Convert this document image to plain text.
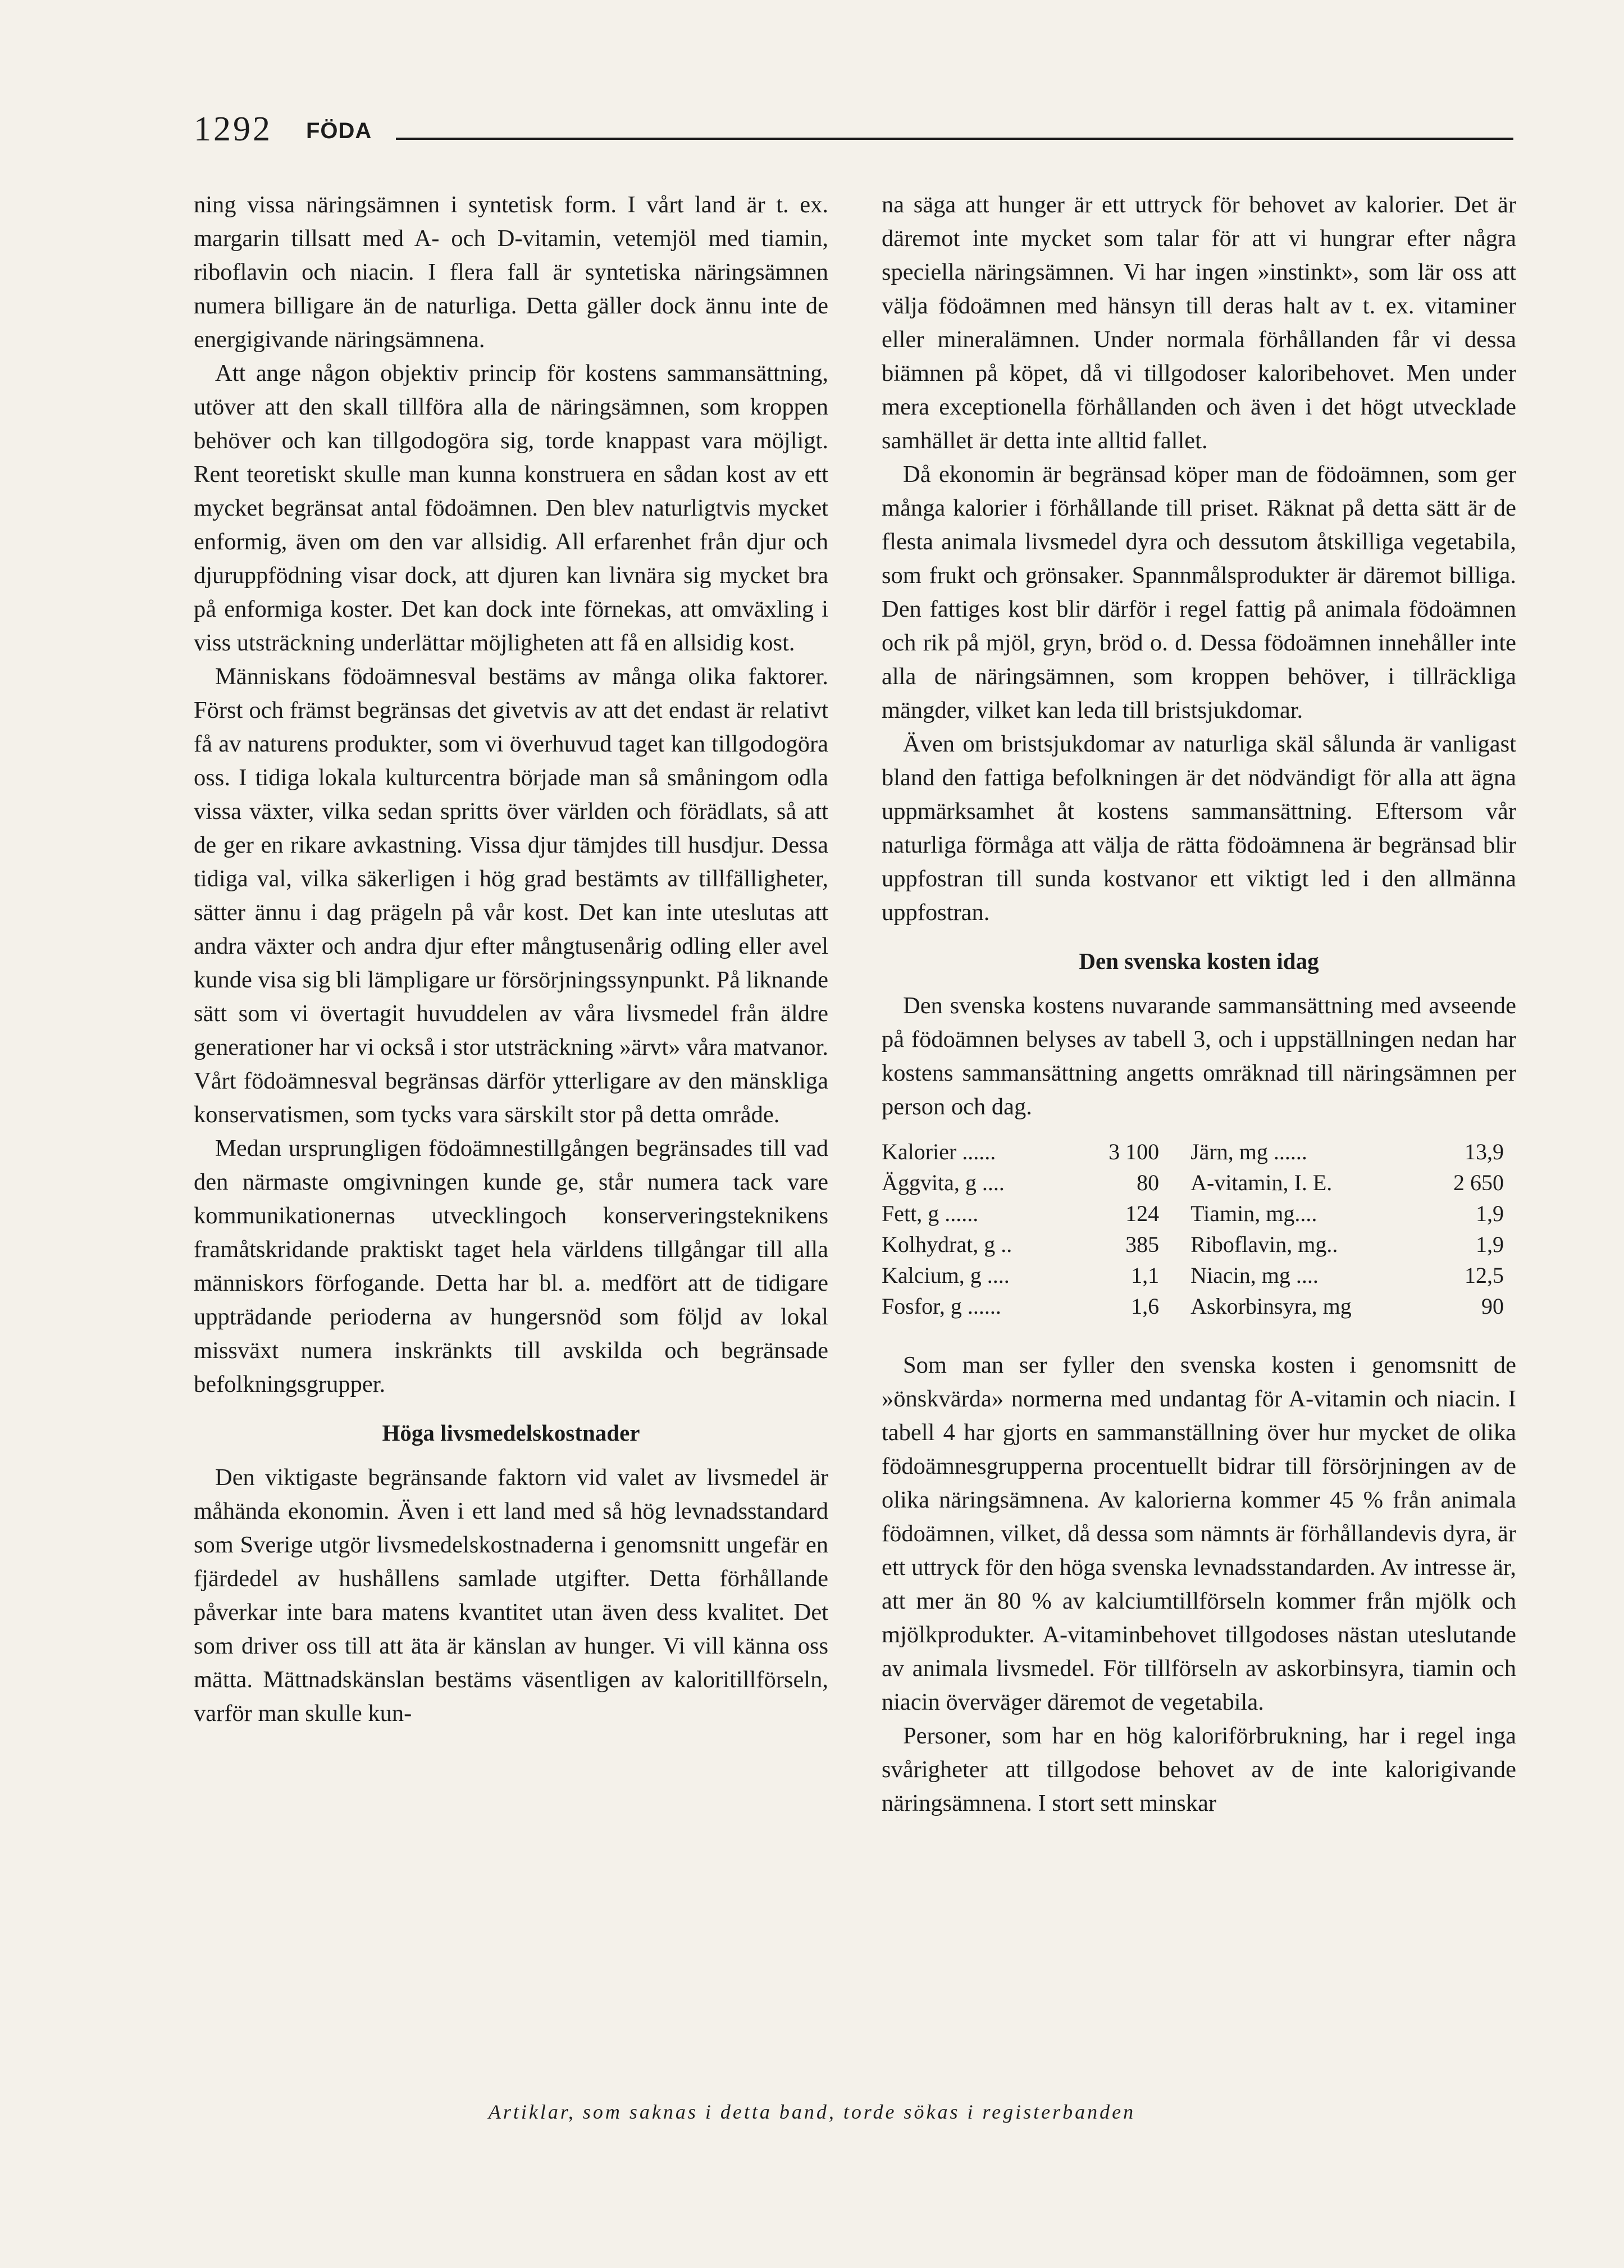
1292 FÖDA

ning vissa näringsämnen i syntetisk form. I vårt land är t. ex. margarin tillsatt med A- och D-vitamin, vetemjöl med tiamin, riboflavin och niacin. I flera fall är syntetiska näringsämnen numera billigare än de naturliga. Detta gäller dock ännu inte de energigivande näringsämnena.

Att ange någon objektiv princip för kostens sammansättning, utöver att den skall tillföra alla de näringsämnen, som kroppen behöver och kan tillgodogöra sig, torde knappast vara möjligt. Rent teoretiskt skulle man kunna konstruera en sådan kost av ett mycket begränsat antal födoämnen. Den blev naturligtvis mycket enformig, även om den var allsidig. All erfarenhet från djur och djuruppfödning visar dock, att djuren kan livnära sig mycket bra på enformiga koster. Det kan dock inte förnekas, att omväxling i viss utsträckning underlättar möjligheten att få en allsidig kost.

Människans födoämnesval bestäms av många olika faktorer. Först och främst begränsas det givetvis av att det endast är relativt få av naturens produkter, som vi överhuvud taget kan tillgodogöra oss. I tidiga lokala kulturcentra började man så småningom odla vissa växter, vilka sedan spritts över världen och förädlats, så att de ger en rikare avkastning. Vissa djur tämjdes till husdjur. Dessa tidiga val, vilka säkerligen i hög grad bestämts av tillfälligheter, sätter ännu i dag prägeln på vår kost. Det kan inte uteslutas att andra växter och andra djur efter mångtusenårig odling eller avel kunde visa sig bli lämpligare ur försörjningssynpunkt. På liknande sätt som vi övertagit huvuddelen av våra livsmedel från äldre generationer har vi också i stor utsträckning »ärvt» våra matvanor. Vårt födoämnesval begränsas därför ytterligare av den mänskliga konservatismen, som tycks vara särskilt stor på detta område.

Medan ursprungligen födoämnestillgången begränsades till vad den närmaste omgivningen kunde ge, står numera tack vare kommunikationernas utvecklingoch konserveringsteknikens framåtskridande praktiskt taget hela världens tillgångar till alla människors förfogande. Detta har bl. a. medfört att de tidigare uppträdande perioderna av hungersnöd som följd av lokal missväxt numera inskränkts till avskilda och begränsade befolkningsgrupper.

Höga livsmedelskostnader

Den viktigaste begränsande faktorn vid valet av livsmedel är måhända ekonomin. Även i ett land med så hög levnadsstandard som Sverige utgör livsmedelskostnaderna i genomsnitt ungefär en fjärdedel av hushållens samlade utgifter. Detta förhållande påverkar inte bara matens kvantitet utan även dess kvalitet. Det som driver oss till att äta är känslan av hunger. Vi vill känna oss mätta. Mättnadskänslan bestäms väsentligen av kaloritillförseln, varför man skulle kun-

na säga att hunger är ett uttryck för behovet av kalorier. Det är däremot inte mycket som talar för att vi hungrar efter några speciella näringsämnen. Vi har ingen »instinkt», som lär oss att välja födoämnen med hänsyn till deras halt av t. ex. vitaminer eller mineralämnen. Under normala förhållanden får vi dessa biämnen på köpet, då vi tillgodoser kaloribehovet. Men under mera exceptionella förhållanden och även i det högt utvecklade samhället är detta inte alltid fallet.

Då ekonomin är begränsad köper man de födoämnen, som ger många kalorier i förhållande till priset. Räknat på detta sätt är de flesta animala livsmedel dyra och dessutom åtskilliga vegetabila, som frukt och grönsaker. Spannmålsprodukter är däremot billiga. Den fattiges kost blir därför i regel fattig på animala födoämnen och rik på mjöl, gryn, bröd o. d. Dessa födoämnen innehåller inte alla de näringsämnen, som kroppen behöver, i tillräckliga mängder, vilket kan leda till bristsjukdomar.

Även om bristsjukdomar av naturliga skäl sålunda är vanligast bland den fattiga befolkningen är det nödvändigt för alla att ägna uppmärksamhet åt kostens sammansättning. Eftersom vår naturliga förmåga att välja de rätta födoämnena är begränsad blir uppfostran till sunda kostvanor ett viktigt led i den allmänna uppfostran.

Den svenska kosten idag

Den svenska kostens nuvarande sammansättning med avseende på födoämnen belyses av tabell 3, och i uppställningen nedan har kostens sammansättning angetts omräknad till näringsämnen per person och dag.

Kalorier ......	3 100	Järn, mg ......	13,9
Äggvita, g ....	80	A-vitamin, I. E.	2 650
Fett, g ......	124	Tiamin, mg....	1,9
Kolhydrat, g ..	385	Riboflavin, mg..	1,9
Kalcium, g ....	1,1	Niacin, mg ....	12,5
Fosfor, g ......	1,6	Askorbinsyra, mg	90

Som man ser fyller den svenska kosten i genomsnitt de »önskvärda» normerna med undantag för A-vitamin och niacin. I tabell 4 har gjorts en sammanställning över hur mycket de olika födoämnesgrupperna procentuellt bidrar till försörjningen av de olika näringsämnena. Av kalorierna kommer 45 % från animala födoämnen, vilket, då dessa som nämnts är förhållandevis dyra, är ett uttryck för den höga svenska levnadsstandarden. Av intresse är, att mer än 80 % av kalciumtillförseln kommer från mjölk och mjölkprodukter. A-vitaminbehovet tillgodoses nästan uteslutande av animala livsmedel. För tillförseln av askorbinsyra, tiamin och niacin överväger däremot de vegetabila.

Personer, som har en hög kaloriförbrukning, har i regel inga svårigheter att tillgodose behovet av de inte kalorigivande näringsämnena. I stort sett minskar

Artiklar, som saknas i detta band, torde sökas i registerbanden
